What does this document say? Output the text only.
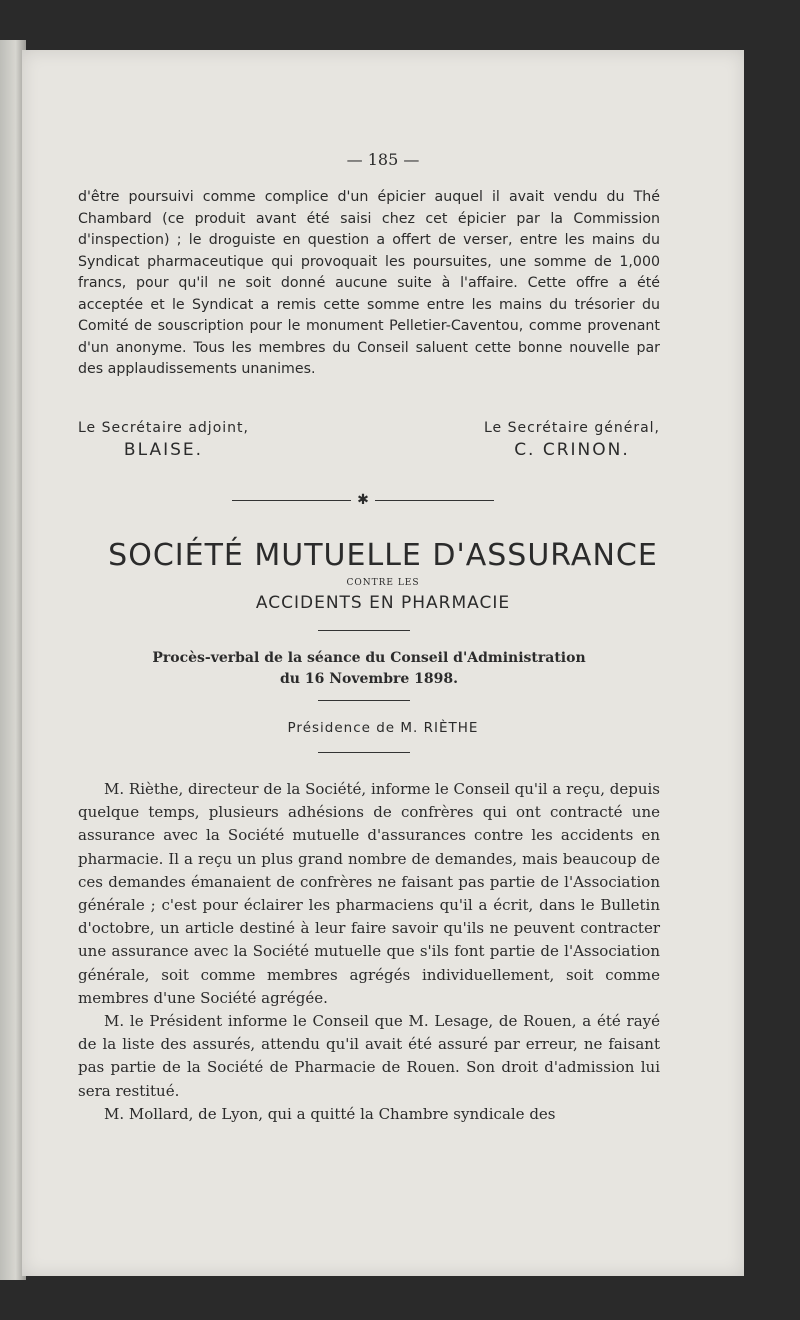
— 185 —

d'être poursuivi comme complice d'un épicier auquel il avait vendu du Thé Chambard (ce produit avant été saisi chez cet épicier par la Commission d'inspection) ; le droguiste en question a offert de verser, entre les mains du Syndicat pharmaceutique qui provoquait les poursuites, une somme de 1,000 francs, pour qu'il ne soit donné aucune suite à l'affaire. Cette offre a été acceptée et le Syndicat a remis cette somme entre les mains du trésorier du Comité de souscription pour le monument Pelletier-Caventou, comme provenant d'un anonyme. Tous les membres du Conseil saluent cette bonne nouvelle par des applaudissements unanimes.

Le Secrétaire adjoint,
BLAISE.
Le Secrétaire général,
C. CRINON.
✱
SOCIÉTÉ MUTUELLE D'ASSURANCE
CONTRE LES
ACCIDENTS EN PHARMACIE
Procès-verbal de la séance du Conseil d'Administration
du 16 Novembre 1898.
Présidence de M. RIÈTHE

M. Rièthe, directeur de la Société, informe le Conseil qu'il a reçu, depuis quelque temps, plusieurs adhésions de confrères qui ont contracté une assurance avec la Société mutuelle d'assurances contre les accidents en pharmacie. Il a reçu un plus grand nombre de demandes, mais beaucoup de ces demandes émanaient de confrères ne faisant pas partie de l'Association générale ; c'est pour éclairer les pharmaciens qu'il a écrit, dans le Bulletin d'octobre, un article destiné à leur faire savoir qu'ils ne peuvent contracter une assurance avec la Société mutuelle que s'ils font partie de l'Association générale, soit comme membres agrégés individuellement, soit comme membres d'une Société agrégée.

M. le Président informe le Conseil que M. Lesage, de Rouen, a été rayé de la liste des assurés, attendu qu'il avait été assuré par erreur, ne faisant pas partie de la Société de Pharmacie de Rouen. Son droit d'admission lui sera restitué.

M. Mollard, de Lyon, qui a quitté la Chambre syndicale des
